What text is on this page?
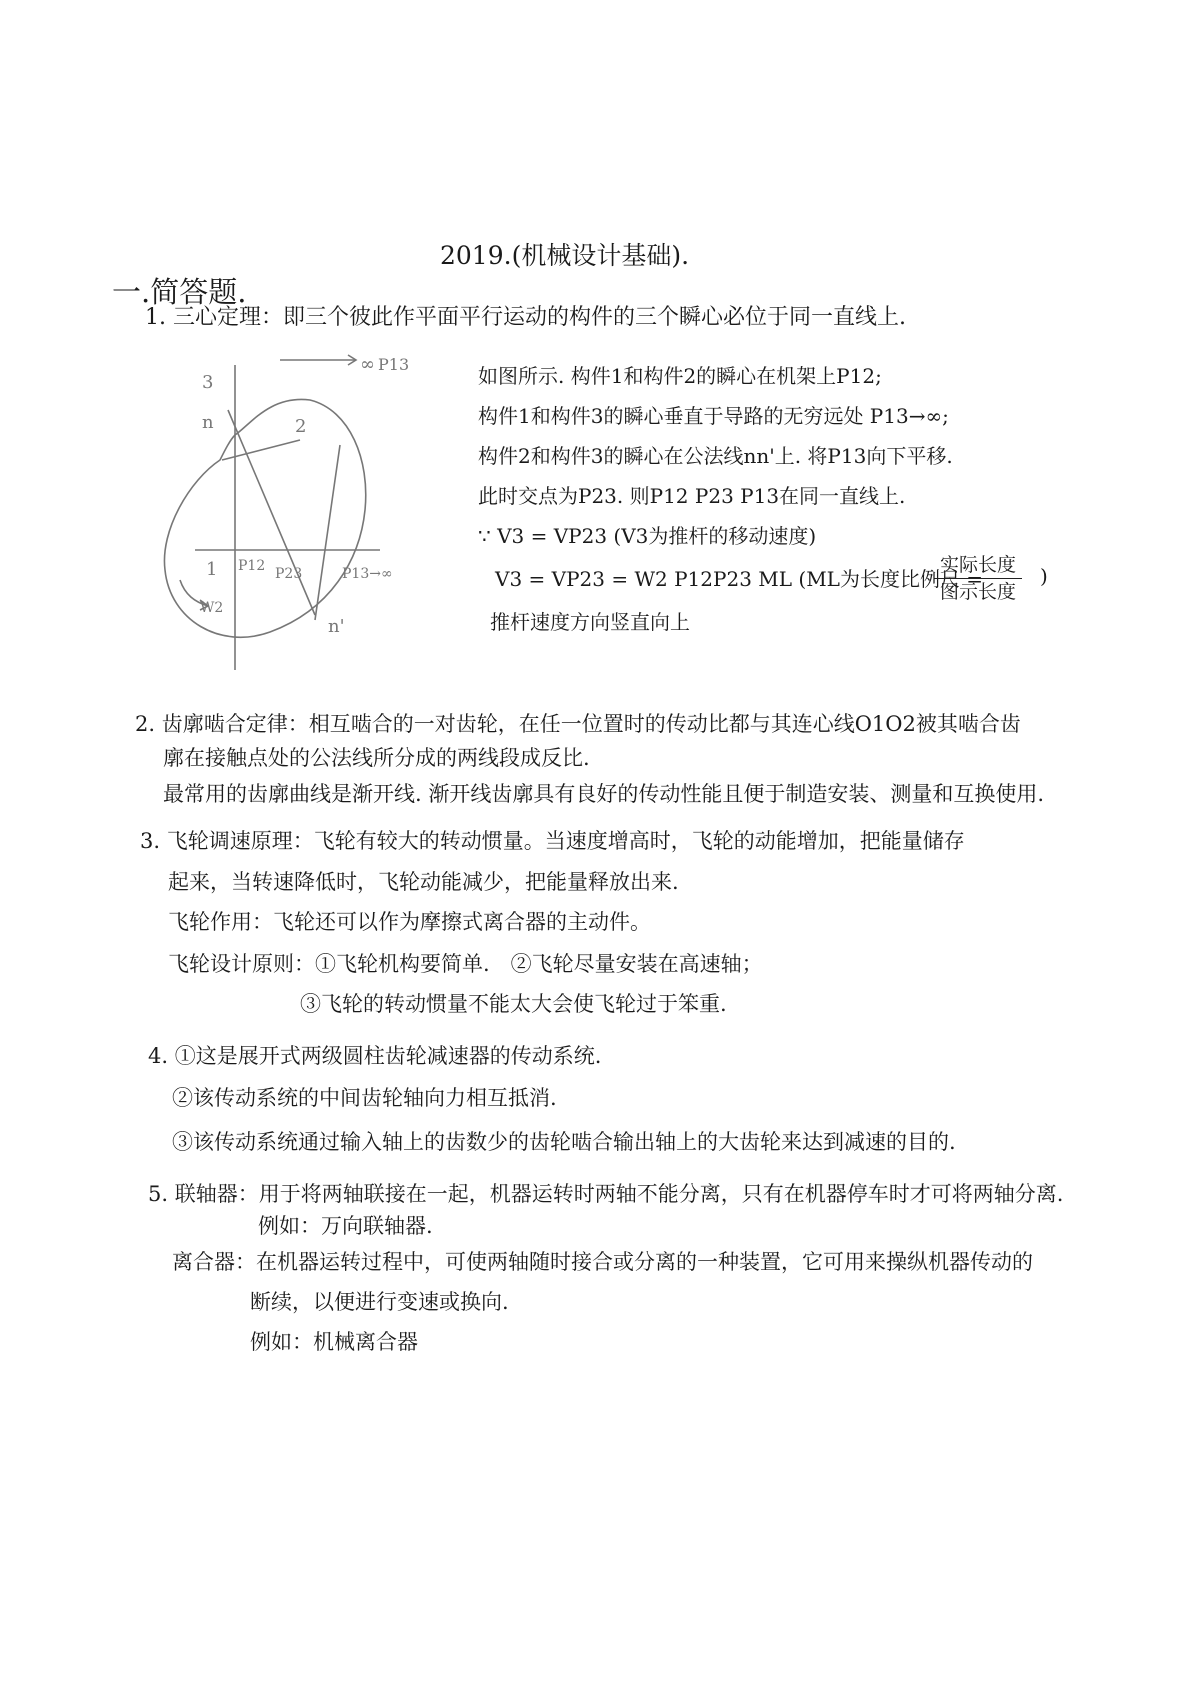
2019.(机械设计基础).
一.简答题.
1. 三心定理：即三个彼此作平面平行运动的构件的三个瞬心必位于同一直线上.
3
∞ P13
n	2
1 P12 P23	P13→∞
W2
n'
如图所示. 构件1和构件2的瞬心在机架上P12;
构件1和构件3的瞬心垂直于导路的无穷远处 P13→∞;
构件2和构件3的瞬心在公法线nn'上. 将P13向下平移.
此时交点为P23. 则P12 P23 P13在同一直线上.
∵ V3 = VP23 (V3为推杆的移动速度)
V3 = VP23 = W2 P12P23 ML (ML为长度比例尺 =
实际长度
图示长度
)
推杆速度方向竖直向上
2. 齿廓啮合定律：相互啮合的一对齿轮，在任一位置时的传动比都与其连心线O1O2被其啮合齿
廓在接触点处的公法线所分成的两线段成反比.
最常用的齿廓曲线是渐开线. 渐开线齿廓具有良好的传动性能且便于制造安装、测量和互换使用.
3. 飞轮调速原理：飞轮有较大的转动惯量。当速度增高时，飞轮的动能增加，把能量储存
起来，当转速降低时，飞轮动能减少，把能量释放出来.
飞轮作用：飞轮还可以作为摩擦式离合器的主动件。
飞轮设计原则：①飞轮机构要简单.　②飞轮尽量安装在高速轴；
③飞轮的转动惯量不能太大会使飞轮过于笨重.
4. ①这是展开式两级圆柱齿轮减速器的传动系统.
②该传动系统的中间齿轮轴向力相互抵消.
③该传动系统通过输入轴上的齿数少的齿轮啮合输出轴上的大齿轮来达到减速的目的.
5. 联轴器：用于将两轴联接在一起，机器运转时两轴不能分离，只有在机器停车时才可将两轴分离.
例如：万向联轴器.
离合器：在机器运转过程中，可使两轴随时接合或分离的一种装置，它可用来操纵机器传动的
断续，以便进行变速或换向.
例如：机械离合器
